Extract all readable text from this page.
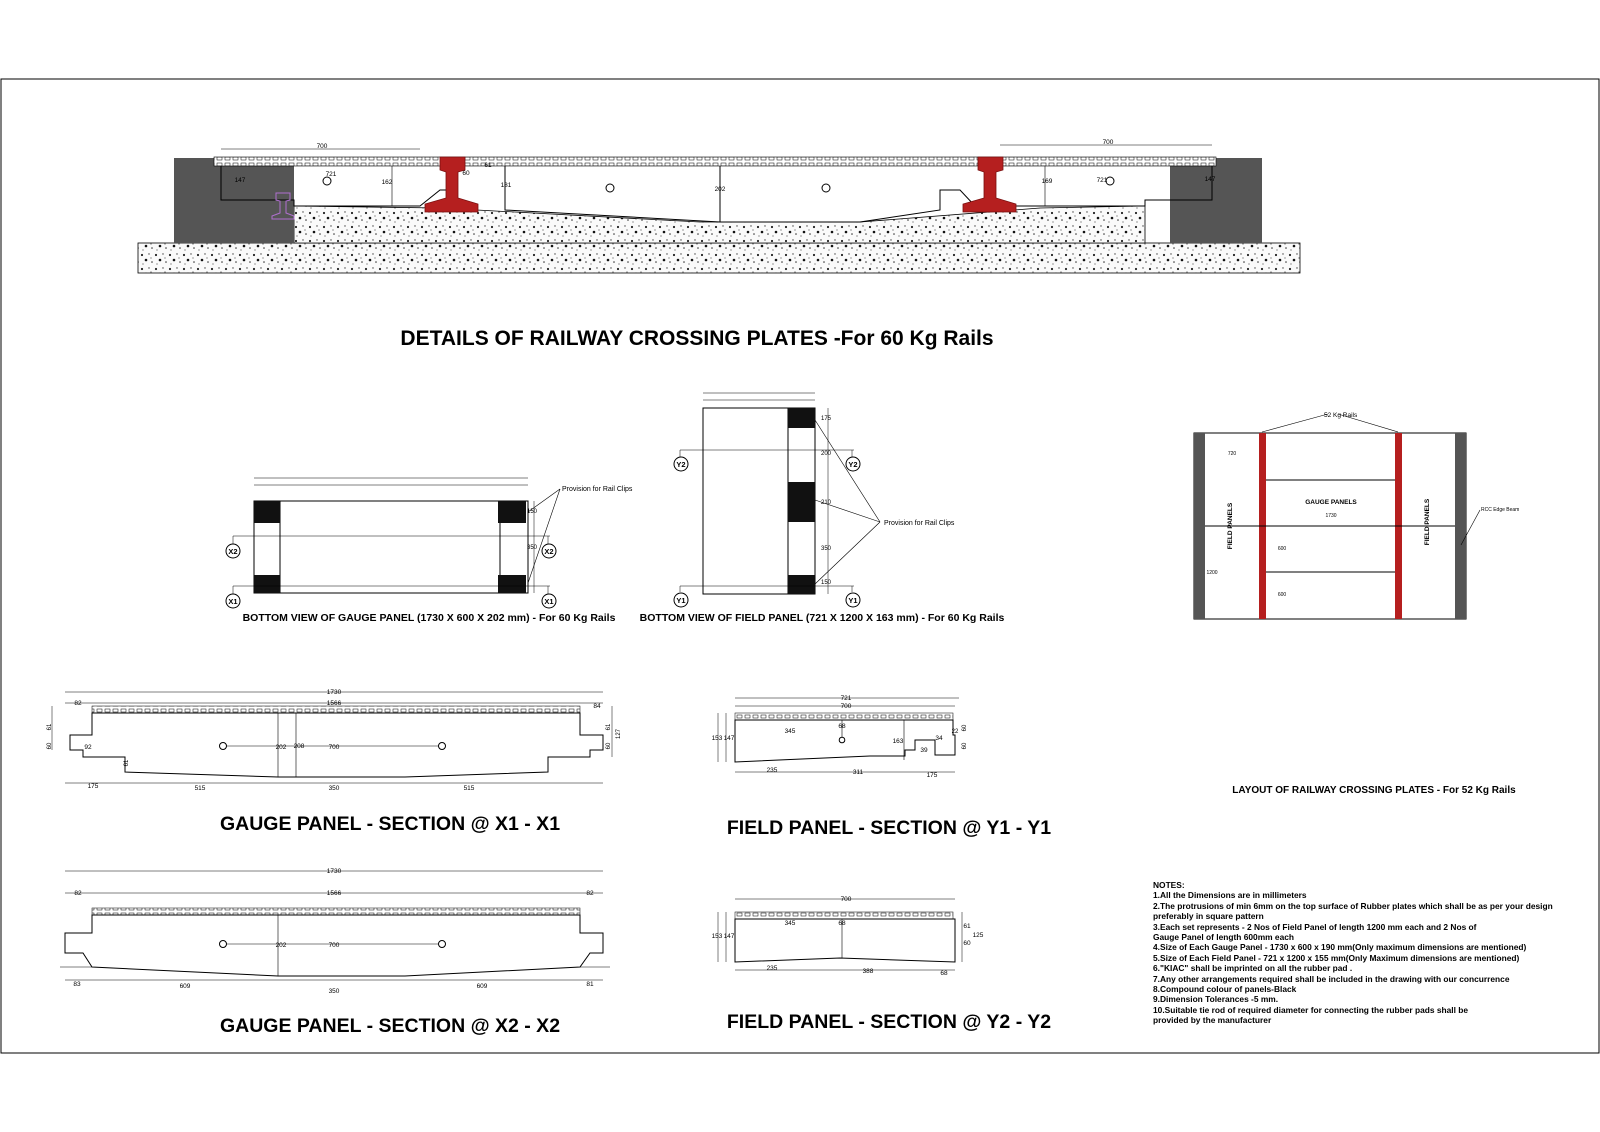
700
700
721
721
147	162	181
202
169	147
60
61
DETAILS OF RAILWAY CROSSING PLATES -For 60 Kg Rails
350
150
X2	X2
X1	X1
Provision for Rail Clips
BOTTOM VIEW OF GAUGE PANEL (1730 X 600 X 202 mm) - For 60 Kg Rails
175
200
210
350
150
Y2	Y2
Y1	Y1
Provision for Rail Clips
BOTTOM VIEW OF FIELD PANEL (721 X 1200 X 163 mm) - For 60 Kg Rails
52 Kg Rails
GAUGE PANELS
FIELD PANELS	FIELD PANELS	RCC Edge Beam
720
1200
600
600
1730
LAYOUT OF RAILWAY CROSSING PLATES - For 52 Kg Rails
1730
1566
82	84
61
60
127
61
60
92
61
202 208	700
175	515	350	515
GAUGE PANEL - SECTION @ X1 - X1
1730
1566
82	82
202	700
83	609
350
609	81
GAUGE PANEL - SECTION @ X2 - X2
721
700
345
68
163	34
39
153 147
60
60
22
235	311	175
FIELD PANEL - SECTION @ Y1 - Y1
700
345	68
153 147
61
60
125
235	388	68
FIELD PANEL - SECTION @ Y2 - Y2
NOTES:
1.All the Dimensions are in millimeters
2.The protrusions of min 6mm on the top surface of Rubber plates which shall be as per your design
preferably in square pattern
3.Each set represents - 2 Nos of Field Panel of length 1200 mm each and 2 Nos of
Gauge Panel of length 600mm each
4.Size of Each Gauge Panel - 1730 x 600 x 190 mm(Only maximum dimensions are mentioned)
5.Size of Each Field Panel - 721 x 1200 x 155 mm(Only Maximum dimensions are mentioned)
6."KIAC" shall be imprinted on all the rubber pad .
7.Any other arrangements required shall be included in the drawing with our concurrence
8.Compound colour of panels-Black
9.Dimension Tolerances -5 mm.
10.Suitable tie rod of required diameter for connecting the rubber pads shall be
provided by the manufacturer
